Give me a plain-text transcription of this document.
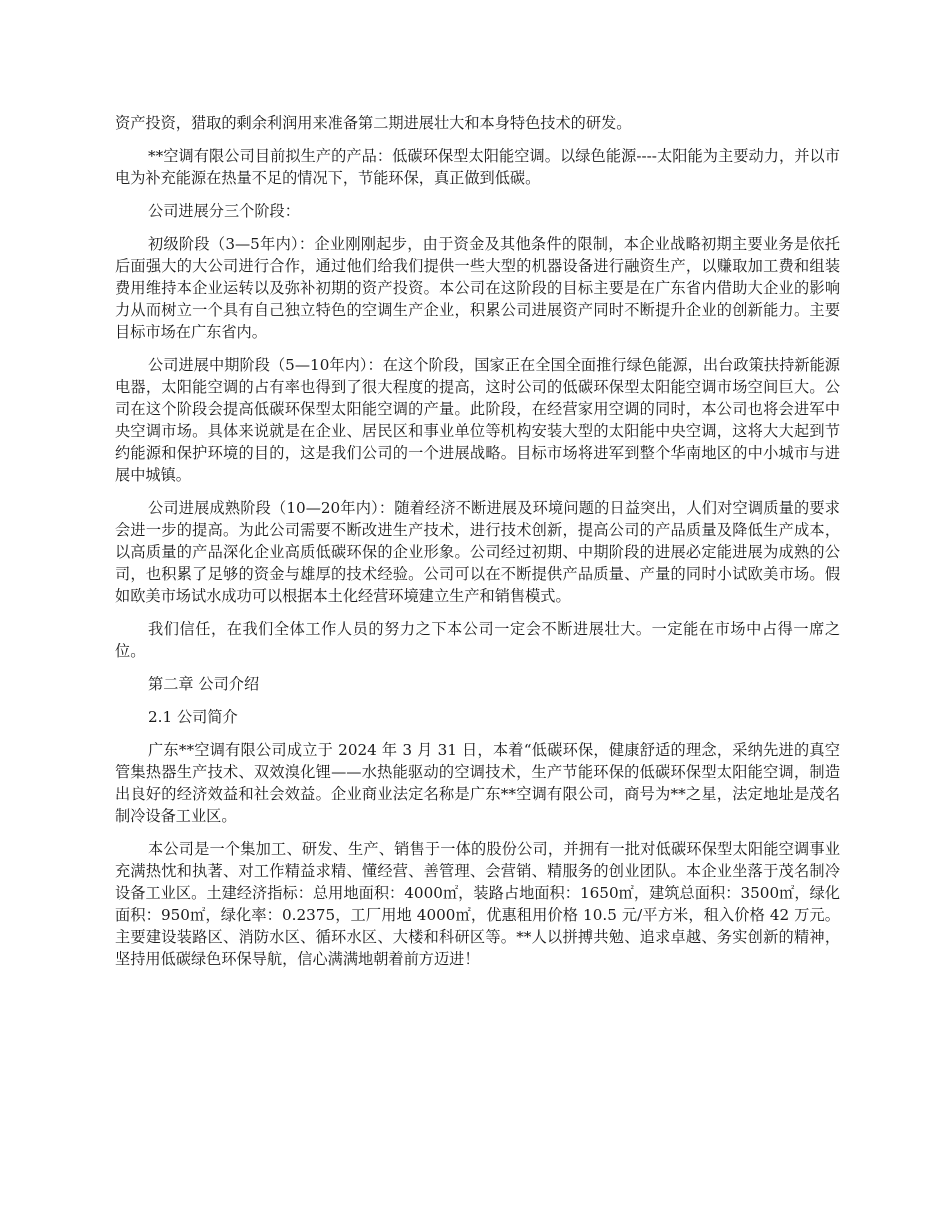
资产投资，猎取的剩余利润用来准备第二期进展壮大和本身特色技术的研发。

**空调有限公司目前拟生产的产品：低碳环保型太阳能空调。以绿色能源----太阳能为主要动力，并以市电为补充能源在热量不足的情况下，节能环保，真正做到低碳。

公司进展分三个阶段：

初级阶段（3—5年内）：企业刚刚起步，由于资金及其他条件的限制，本企业战略初期主要业务是依托后面强大的大公司进行合作，通过他们给我们提供一些大型的机器设备进行融资生产，以赚取加工费和组装费用维持本企业运转以及弥补初期的资产投资。本公司在这阶段的目标主要是在广东省内借助大企业的影响力从而树立一个具有自己独立特色的空调生产企业，积累公司进展资产同时不断提升企业的创新能力。主要目标市场在广东省内。

公司进展中期阶段（5—10年内）：在这个阶段，国家正在全国全面推行绿色能源，出台政策扶持新能源电器，太阳能空调的占有率也得到了很大程度的提高，这时公司的低碳环保型太阳能空调市场空间巨大。公司在这个阶段会提高低碳环保型太阳能空调的产量。此阶段，在经营家用空调的同时，本公司也将会进军中央空调市场。具体来说就是在企业、居民区和事业单位等机构安装大型的太阳能中央空调，这将大大起到节约能源和保护环境的目的，这是我们公司的一个进展战略。目标市场将进军到整个华南地区的中小城市与进展中城镇。

公司进展成熟阶段（10—20年内）：随着经济不断进展及环境问题的日益突出，人们对空调质量的要求会进一步的提高。为此公司需要不断改进生产技术，进行技术创新，提高公司的产品质量及降低生产成本，以高质量的产品深化企业高质低碳环保的企业形象。公司经过初期、中期阶段的进展必定能进展为成熟的公司，也积累了足够的资金与雄厚的技术经验。公司可以在不断提供产品质量、产量的同时小试欧美市场。假如欧美市场试水成功可以根据本土化经营环境建立生产和销售模式。

我们信任，在我们全体工作人员的努力之下本公司一定会不断进展壮大。一定能在市场中占得一席之位。

第二章 公司介绍

2.1 公司简介

广东**空调有限公司成立于 2024 年 3 月 31 日，本着“低碳环保，健康舒适的理念，采纳先进的真空管集热器生产技术、双效溴化锂——水热能驱动的空调技术，生产节能环保的低碳环保型太阳能空调，制造出良好的经济效益和社会效益。企业商业法定名称是广东**空调有限公司，商号为**之星，法定地址是茂名制冷设备工业区。

本公司是一个集加工、研发、生产、销售于一体的股份公司，并拥有一批对低碳环保型太阳能空调事业充满热忱和执著、对工作精益求精、懂经营、善管理、会营销、精服务的创业团队。本企业坐落于茂名制冷设备工业区。土建经济指标：总用地面积：4000㎡，装路占地面积：1650㎡，建筑总面积：3500㎡，绿化面积：950㎡，绿化率：0.2375，工厂用地 4000㎡，优惠租用价格 10.5 元/平方米，租入价格 42 万元。主要建设装路区、消防水区、循环水区、大楼和科研区等。**人以拼搏共勉、追求卓越、务实创新的精神，坚持用低碳绿色环保导航，信心满满地朝着前方迈进！
